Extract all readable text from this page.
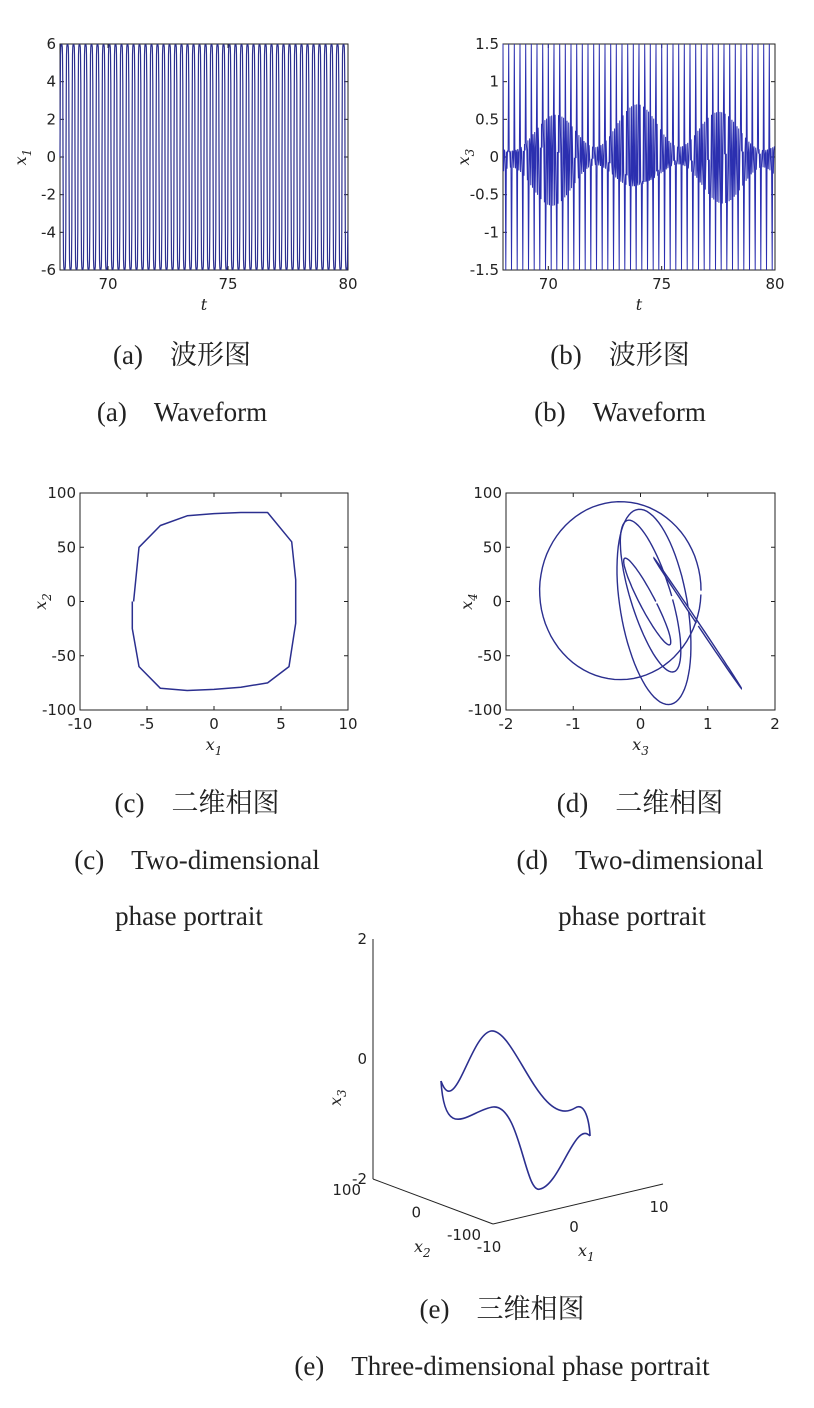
70	75	80
-6
-4
-2
0
2
4
6
t
$x_1$
(a)　波形图
(a)　Waveform
70	75	80
-1.5
-1
-0.5
0
0.5
1
1.5
t
$x_3$
(b)　波形图
(b)　Waveform
-10	-5	0	5	10
-100
-50
0
50
100
$x_1$
$x_2$
(c)　二维相图
(c)　Two-dimensional
phase portrait
-2	-1	0	1	2
-100
-50
0
50
100
$x_3$
$x_4$
(d)　二维相图
(d)　Two-dimensional
phase portrait
-10
0
10
-100
0
100
-2
0
2
$x_1$
$x_2$
$x_3$
(e)　三维相图
(e)　Three-dimensional phase portrait
